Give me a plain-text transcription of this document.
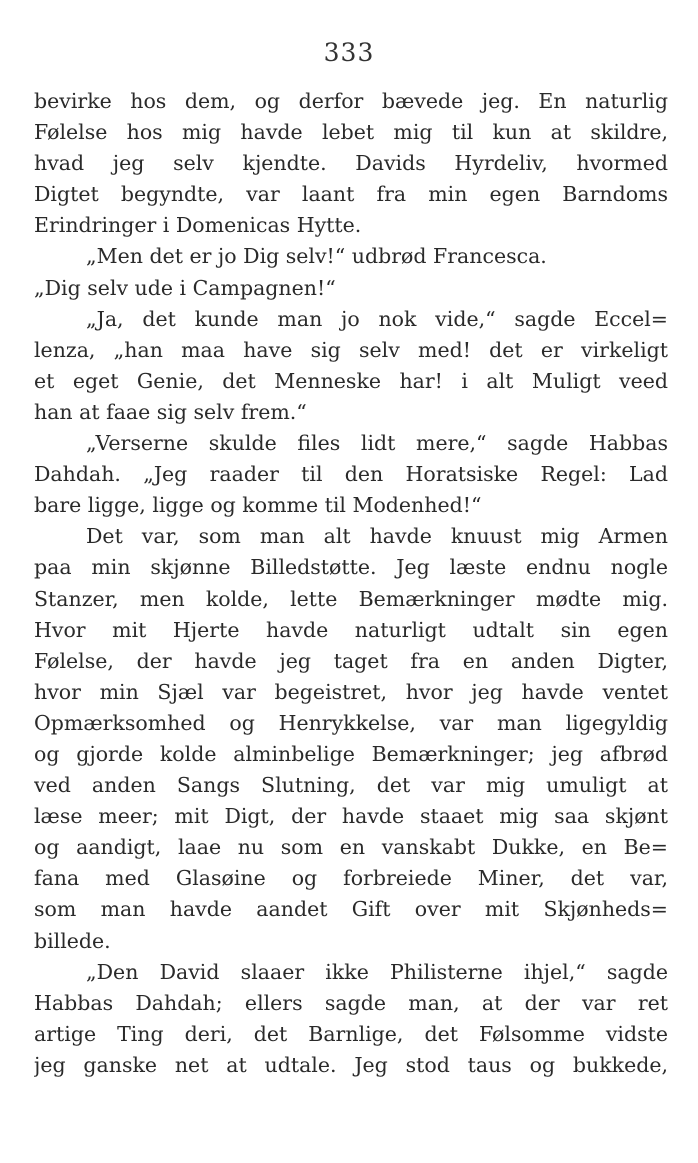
333
bevirke hos dem, og derfor bævede jeg. En naturlig
Følelse hos mig havde lebet mig til kun at skildre,
hvad jeg selv kjendte. Davids Hyrdeliv, hvormed
Digtet begyndte, var laant fra min egen Barndoms
Erindringer i Domenicas Hytte.
„Men det er jo Dig selv!“ udbrød Francesca.
„Dig selv ude i Campagnen!“
„Ja, det kunde man jo nok vide,“ sagde Eccel=
lenza, „han maa have sig selv med! det er virkeligt
et eget Genie, det Menneske har! i alt Muligt veed
han at faae sig selv frem.“
„Verserne skulde files lidt mere,“ sagde Habbas
Dahdah. „Jeg raader til den Horatsiske Regel: Lad
bare ligge, ligge og komme til Modenhed!“
Det var, som man alt havde knuust mig Armen
paa min skjønne Billedstøtte. Jeg læste endnu nogle
Stanzer, men kolde, lette Bemærkninger mødte mig.
Hvor mit Hjerte havde naturligt udtalt sin egen
Følelse, der havde jeg taget fra en anden Digter,
hvor min Sjæl var begeistret, hvor jeg havde ventet
Opmærksomhed og Henrykkelse, var man ligegyldig
og gjorde kolde alminbelige Bemærkninger; jeg afbrød
ved anden Sangs Slutning, det var mig umuligt at
læse meer; mit Digt, der havde staaet mig saa skjønt
og aandigt, laae nu som en vanskabt Dukke, en Be=
fana med Glasøine og forbreiede Miner, det var,
som man havde aandet Gift over mit Skjønheds=
billede.
„Den David slaaer ikke Philisterne ihjel,“ sagde
Habbas Dahdah; ellers sagde man, at der var ret
artige Ting deri, det Barnlige, det Følsomme vidste
jeg ganske net at udtale. Jeg stod taus og bukkede,
